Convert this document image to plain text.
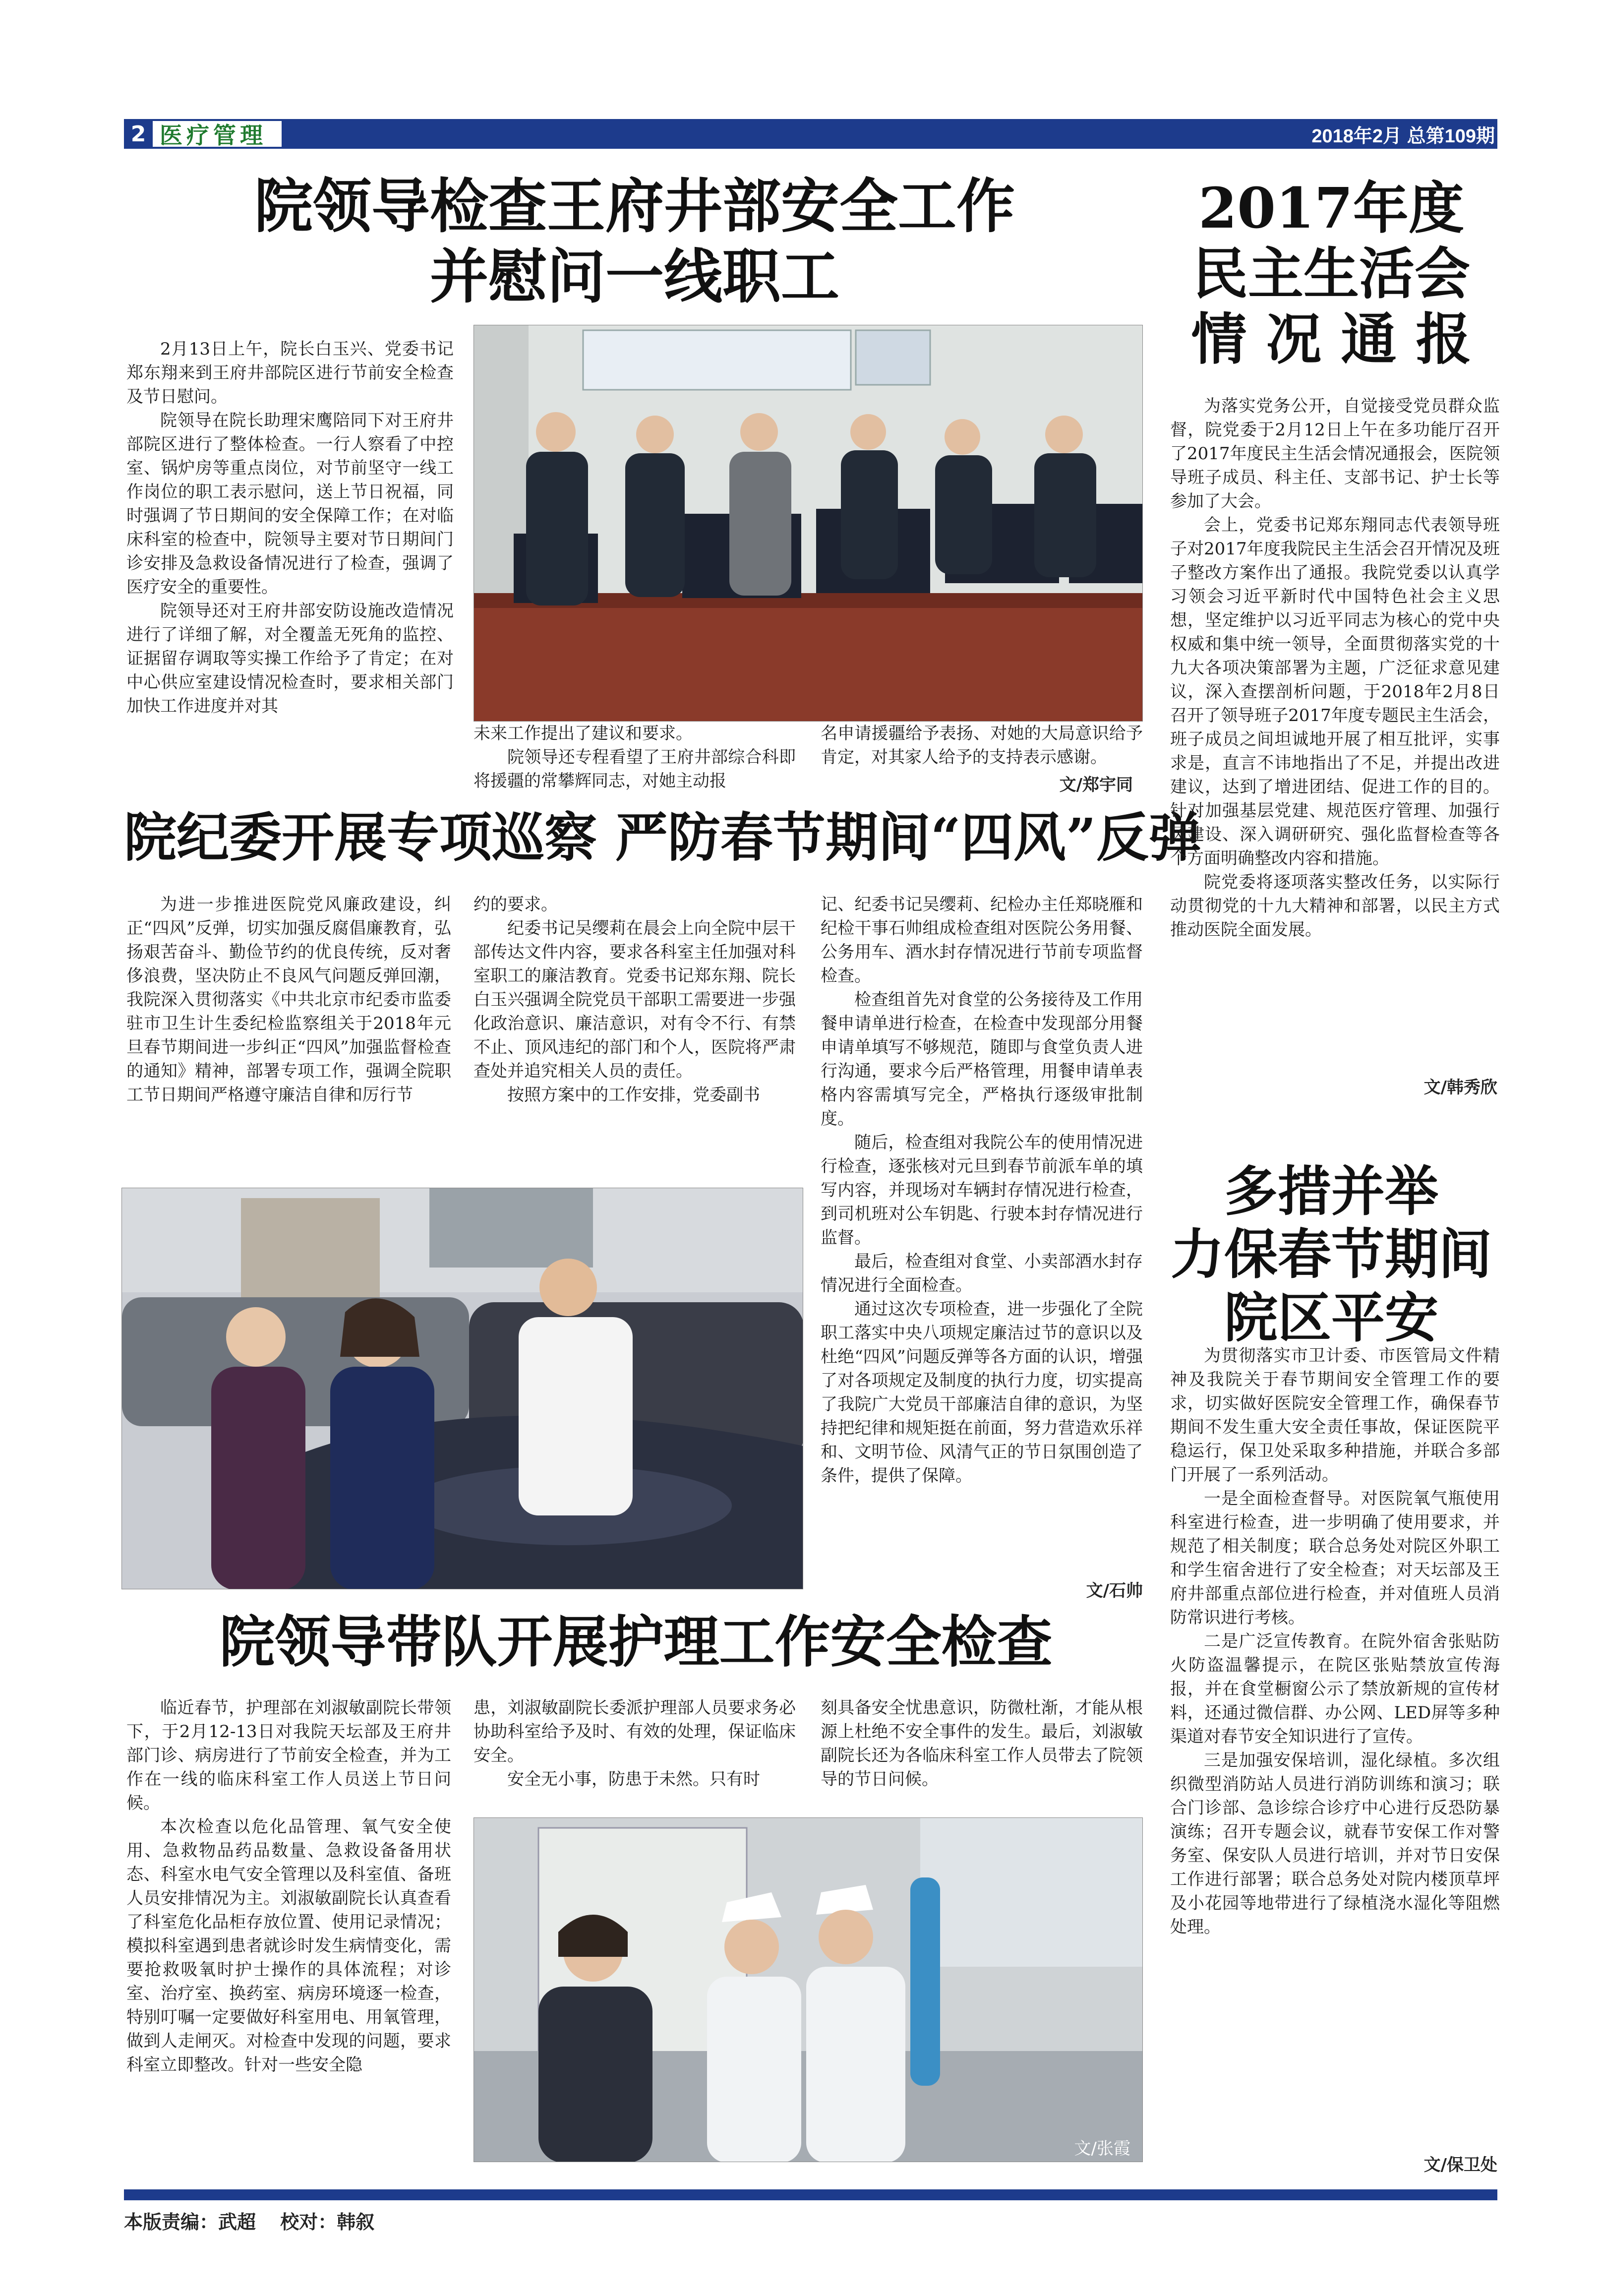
2 医疗管理	2018年2月 总第109期
院领导检查王府井部安全工作
并慰问一线职工

2月13日上午，院长白玉兴、党委书记郑东翔来到王府井部院区进行节前安全检查及节日慰问。

院领导在院长助理宋鹰陪同下对王府井部院区进行了整体检查。一行人察看了中控室、锅炉房等重点岗位，对节前坚守一线工作岗位的职工表示慰问，送上节日祝福，同时强调了节日期间的安全保障工作；在对临床科室的检查中，院领导主要对节日期间门诊安排及急救设备情况进行了检查，强调了医疗安全的重要性。

院领导还对王府井部安防设施改造情况进行了详细了解，对全覆盖无死角的监控、证据留存调取等实操工作给予了肯定；在对中心供应室建设情况检查时，要求相关部门加快工作进度并对其

未来工作提出了建议和要求。

院领导还专程看望了王府井部综合科即将援疆的常攀辉同志，对她主动报

名申请援疆给予表扬、对她的大局意识给予肯定，对其家人给予的支持表示感谢。

文/郑宇同
院纪委开展专项巡察 严防春节期间“四风”反弹

为进一步推进医院党风廉政建设，纠正“四风”反弹，切实加强反腐倡廉教育，弘扬艰苦奋斗、勤俭节约的优良传统，反对奢侈浪费，坚决防止不良风气问题反弹回潮，我院深入贯彻落实《中共北京市纪委市监委驻市卫生计生委纪检监察组关于2018年元旦春节期间进一步纠正“四风”加强监督检查的通知》精神，部署专项工作，强调全院职工节日期间严格遵守廉洁自律和厉行节

约的要求。

纪委书记吴缨莉在晨会上向全院中层干部传达文件内容，要求各科室主任加强对科室职工的廉洁教育。党委书记郑东翔、院长白玉兴强调全院党员干部职工需要进一步强化政治意识、廉洁意识，对有令不行、有禁不止、顶风违纪的部门和个人，医院将严肃查处并追究相关人员的责任。

按照方案中的工作安排，党委副书

记、纪委书记吴缨莉、纪检办主任郑晓雁和纪检干事石帅组成检查组对医院公务用餐、公务用车、酒水封存情况进行节前专项监督检查。

检查组首先对食堂的公务接待及工作用餐申请单进行检查，在检查中发现部分用餐申请单填写不够规范，随即与食堂负责人进行沟通，要求今后严格管理，用餐申请单表格内容需填写完全，严格执行逐级审批制度。

随后，检查组对我院公车的使用情况进行检查，逐张核对元旦到春节前派车单的填写内容，并现场对车辆封存情况进行检查，到司机班对公车钥匙、行驶本封存情况进行监督。

最后，检查组对食堂、小卖部酒水封存情况进行全面检查。

通过这次专项检查，进一步强化了全院职工落实中央八项规定廉洁过节的意识以及杜绝“四风”问题反弹等各方面的认识，增强了对各项规定及制度的执行力度，切实提高了我院广大党员干部廉洁自律的意识，为坚持把纪律和规矩挺在前面，努力营造欢乐祥和、文明节俭、风清气正的节日氛围创造了条件，提供了保障。

文/石帅
院领导带队开展护理工作安全检查

临近春节，护理部在刘淑敏副院长带领下，于2月12-13日对我院天坛部及王府井部门诊、病房进行了节前安全检查，并为工作在一线的临床科室工作人员送上节日问候。

本次检查以危化品管理、氧气安全使用、急救物品药品数量、急救设备备用状态、科室水电气安全管理以及科室值、备班人员安排情况为主。刘淑敏副院长认真查看了科室危化品柜存放位置、使用记录情况；模拟科室遇到患者就诊时发生病情变化，需要抢救吸氧时护士操作的具体流程；对诊室、治疗室、换药室、病房环境逐一检查，特别叮嘱一定要做好科室用电、用氧管理，做到人走闸灭。对检查中发现的问题，要求科室立即整改。针对一些安全隐

患，刘淑敏副院长委派护理部人员要求务必协助科室给予及时、有效的处理，保证临床安全。

安全无小事，防患于未然。只有时

刻具备安全忧患意识，防微杜渐，才能从根源上杜绝不安全事件的发生。最后，刘淑敏副院长还为各临床科室工作人员带去了院领导的节日问候。

文/张霞
2017年度
民主生活会
情 况 通 报

为落实党务公开，自觉接受党员群众监督，院党委于2月12日上午在多功能厅召开了2017年度民主生活会情况通报会，医院领导班子成员、科主任、支部书记、护士长等参加了大会。

会上，党委书记郑东翔同志代表领导班子对2017年度我院民主生活会召开情况及班子整改方案作出了通报。我院党委以认真学习领会习近平新时代中国特色社会主义思想，坚定维护以习近平同志为核心的党中央权威和集中统一领导，全面贯彻落实党的十九大各项决策部署为主题，广泛征求意见建议，深入查摆剖析问题，于2018年2月8日召开了领导班子2017年度专题民主生活会，班子成员之间坦诚地开展了相互批评，实事求是，直言不讳地指出了不足，并提出改进建议，达到了增进团结、促进工作的目的。针对加强基层党建、规范医疗管理、加强行风建设、深入调研研究、强化监督检查等各个方面明确整改内容和措施。

院党委将逐项落实整改任务，以实际行动贯彻党的十九大精神和部署，以民主方式推动医院全面发展。

文/韩秀欣
多措并举
力保春节期间
院区平安

为贯彻落实市卫计委、市医管局文件精神及我院关于春节期间安全管理工作的要求，切实做好医院安全管理工作，确保春节期间不发生重大安全责任事故，保证医院平稳运行，保卫处采取多种措施，并联合多部门开展了一系列活动。

一是全面检查督导。对医院氧气瓶使用科室进行检查，进一步明确了使用要求，并规范了相关制度；联合总务处对院区外职工和学生宿舍进行了安全检查；对天坛部及王府井部重点部位进行检查，并对值班人员消防常识进行考核。

二是广泛宣传教育。在院外宿舍张贴防火防盗温馨提示，在院区张贴禁放宣传海报，并在食堂橱窗公示了禁放新规的宣传材料，还通过微信群、办公网、LED屏等多种渠道对春节安全知识进行了宣传。

三是加强安保培训，湿化绿植。多次组织微型消防站人员进行消防训练和演习；联合门诊部、急诊综合诊疗中心进行反恐防暴演练；召开专题会议，就春节安保工作对警务室、保安队人员进行培训，并对节日安保工作进行部署；联合总务处对院内楼顶草坪及小花园等地带进行了绿植浇水湿化等阻燃处理。

文/保卫处
本版责编：武超 校对：韩叙
